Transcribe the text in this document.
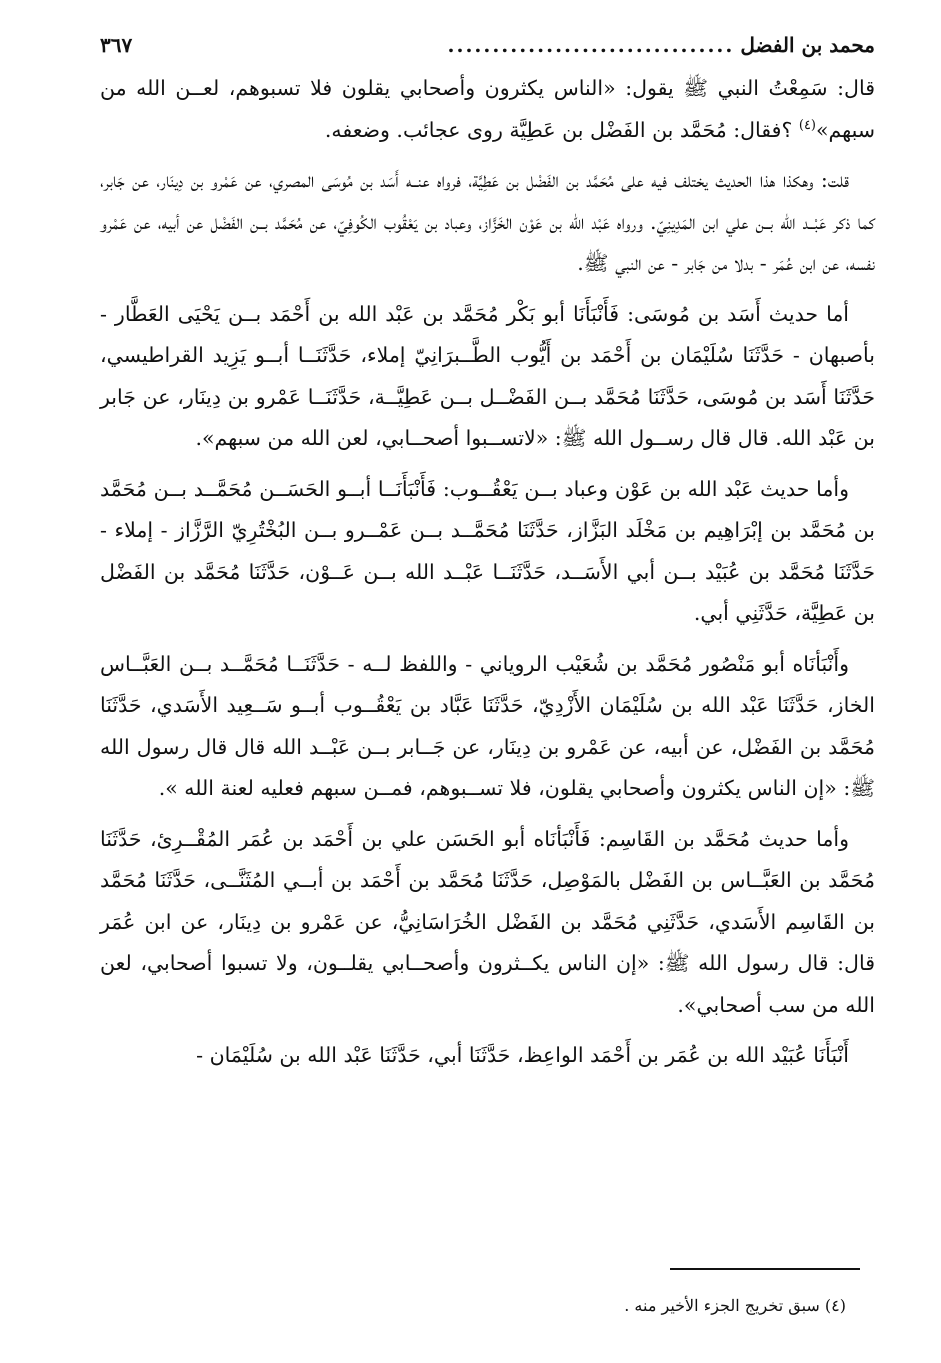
محمد بن الفضل
................................
٣٦٧

قال: سَمِعْتُ النبي ﷺ يقول: «الناس يكثرون وأصحابي يقلون فلا تسبوهم، لعــن الله من سبهم»$^{(٤)}$ ؟فقال: مُحَمَّد بن الفَضْل بن عَطِيَّة روى عجائب. وضعفه.

قلت: وهكذا هذا الحديث يختلف فيه على مُحَمَّد بن الفَضْل بن عَطِيَّة، فرواه عنــه أَسَد بن مُوسَى المصري، عن عَمْرو بن دِينَار، عن جَابر، كما ذكر عَبْــد الله بــن علي ابن المَدِينِيّ. ورواه عَبْد الله بن عَوْن الخَزَّاز، وعباد بن يَعْقُوب الكُوفِيّ، عن مُحَمَّد بــن الفَضْل عن أبيه، عن عَمْرو نفسه، عن ابن عُمَر - بدلا من جَابر - عن النبي ﷺ.

أما حديث أَسَد بن مُوسَى: فَأَنْبَأَنَا أبو بَكْر مُحَمَّد بن عَبْد الله بن أَحْمَد بــن يَحْيَى العَطَّار - بأصبهان - حَدَّثَنَا سُلَيْمَان بن أَحْمَد بن أَيُّوب الطَّــبرَانِيّ إملاء، حَدَّثَنَــا أبــو يَزِيد القراطيسي، حَدَّثَنَا أَسَد بن مُوسَى، حَدَّثَنَا مُحَمَّد بــن الفَضْــل بــن عَطِيَّــة، حَدَّثَنَــا عَمْرو بن دِينَار، عن جَابر بن عَبْد الله. قال قال رســول الله ﷺ: «لاتســبوا أصحــابي، لعن الله من سبهم».

وأما حديث عَبْد الله بن عَوْن وعباد بــن يَعْقُــوب: فَأَنْبَأَنَــا أبــو الحَسَــن مُحَمَّــد بــن مُحَمَّد بن مُحَمَّد بن إبْرَاهِيم بن مَخْلَد البَزَّاز، حَدَّثَنَا مُحَمَّــد بــن عَمْــرو بــن البُخْتُرِيّ الرَّزَّاز - إملاء - حَدَّثَنَا مُحَمَّد بن عُبَيْد بــن أبي الأَسَــد، حَدَّثَنَــا عَبْــد الله بــن عَــوْن، حَدَّثَنَا مُحَمَّد بن الفَضْل بن عَطِيَّة، حَدَّثَنِي أبي.

وأَنْبَأنَاه أبو مَنْصُور مُحَمَّد بن شُعَيْب الروياني - واللفظ لــه - حَدَّثَنَــا مُحَمَّــد بــن العَبَّــاس الخاز، حَدَّثَنَا عَبْد الله بن سُلَيْمَان الأَزْدِيّ، حَدَّثَنَا عَبَّاد بن يَعْقُــوب أبــو سَــعِيد الأَسَدي، حَدَّثَنَا مُحَمَّد بن الفَضْل، عن أبيه، عن عَمْرو بن دِينَار، عن جَــابر بــن عَبْــد الله قال قال رسول الله ﷺ: «إن الناس يكثرون وأصحابي يقلون، فلا تســبوهم، فمــن سبهم فعليه لعنة الله ».

وأما حديث مُحَمَّد بن القَاسِم: فَأَنْبَأنَاه أبو الحَسَن علي بن أَحْمَد بن عُمَر المُقْــرِئ، حَدَّثَنَا مُحَمَّد بن العَبَّــاس بن الفَضْل بالمَوْصِل، حَدَّثَنَا مُحَمَّد بن أَحْمَد بن أبــي المُثَنَّــى، حَدَّثَنَا مُحَمَّد بن القَاسِم الأَسَدي، حَدَّثَنِي مُحَمَّد بن الفَضْل الخُرَاسَانِيُّ، عن عَمْرو بن دِينَار، عن ابن عُمَر قال: قال رسول الله ﷺ: «إن الناس يكــثرون وأصحــابي يقلــون، ولا تسبوا أصحابي، لعن الله من سب أصحابي».

أَنْبَأَنَا عُبَيْد الله بن عُمَر بن أَحْمَد الواعِظ، حَدَّثَنَا أبي، حَدَّثَنَا عَبْد الله بن سُلَيْمَان -

(٤) سبق تخريج الجزء الأخير منه .
